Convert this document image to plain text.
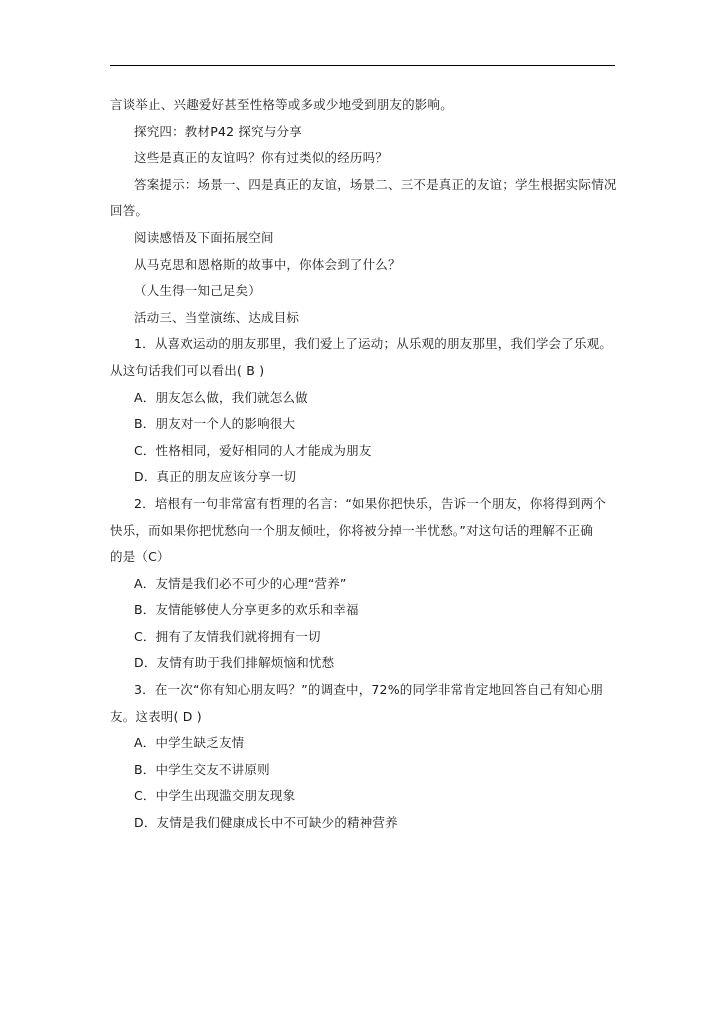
言谈举止、兴趣爱好甚至性格等或多或少地受到朋友的影响。
探究四：教材P42 探究与分享
这些是真正的友谊吗？你有过类似的经历吗？
答案提示：场景一、四是真正的友谊，场景二、三不是真正的友谊；学生根据实际情况
回答。
阅读感悟及下面拓展空间
从马克思和恩格斯的故事中，你体会到了什么？
（人生得一知己足矣）
活动三、当堂演练、达成目标
1．从喜欢运动的朋友那里，我们爱上了运动；从乐观的朋友那里，我们学会了乐观。
从这句话我们可以看出( B )
A．朋友怎么做，我们就怎么做
B．朋友对一个人的影响很大
C．性格相同，爱好相同的人才能成为朋友
D．真正的朋友应该分享一切
2．培根有一句非常富有哲理的名言：“如果你把快乐，告诉一个朋友，你将得到两个
快乐，而如果你把忧愁向一个朋友倾吐，你将被分掉一半忧愁。”对这句话的理解不正确
的是（C）
A．友情是我们必不可少的心理“营养”
B．友情能够使人分享更多的欢乐和幸福
C．拥有了友情我们就将拥有一切
D．友情有助于我们排解烦恼和忧愁
3．在一次“你有知心朋友吗？”的调查中，72%的同学非常肯定地回答自己有知心朋
友。这表明( D )
A．中学生缺乏友情
B．中学生交友不讲原则
C．中学生出现滥交朋友现象
D．友情是我们健康成长中不可缺少的精神营养
